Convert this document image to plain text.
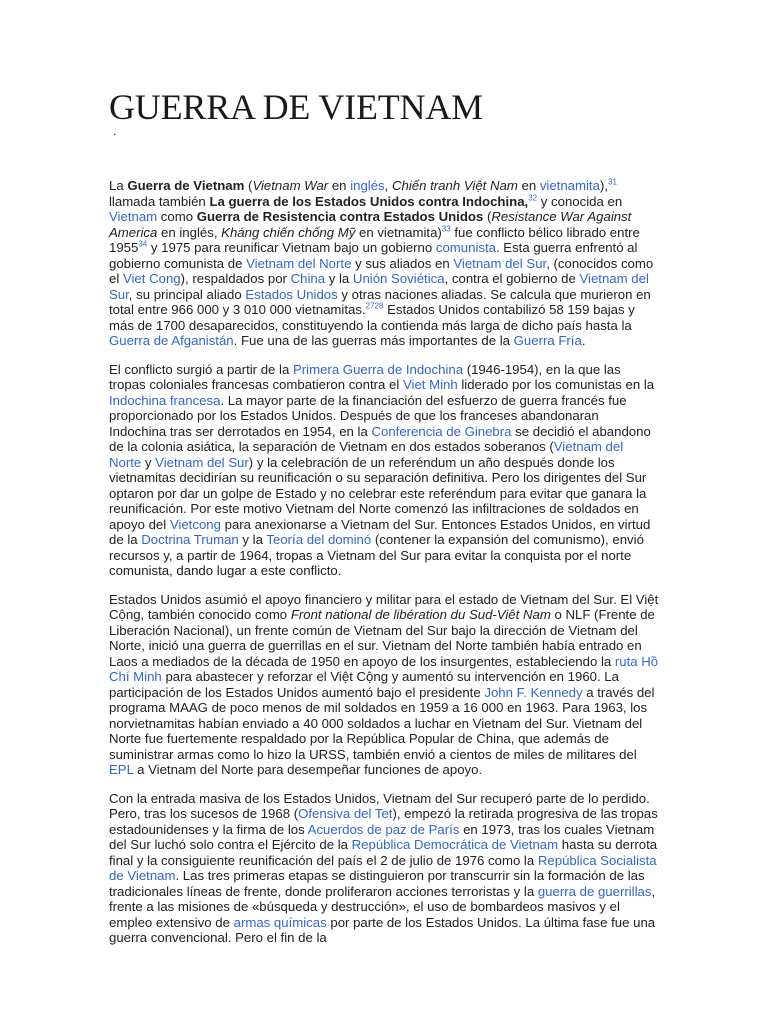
GUERRA DE VIETNAM
.

La Guerra de Vietnam (Vietnam War en inglés, Chiến tranh Việt Nam en vietnamita),$^{31}$ llamada también La guerra de los Estados Unidos contra Indochina,$^{32}$ y conocida en Vietnam como Guerra de Resistencia contra Estados Unidos (Resistance War Against America en inglés, Kháng chiến chống Mỹ en vietnamita)$^{33}$ fue conflicto bélico librado entre 1955$^{34}$ y 1975 para reunificar Vietnam bajo un gobierno comunista. Esta guerra enfrentó al gobierno comunista de Vietnam del Norte y sus aliados en Vietnam del Sur, (conocidos como el Viet Cong), respaldados por China y la Unión Soviética, contra el gobierno de Vietnam del Sur, su principal aliado Estados Unidos y otras naciones aliadas. Se calcula que murieron en total entre 966 000 y 3 010 000 vietnamitas.$^{2728}$ Estados Unidos contabilizó 58 159 bajas y más de 1700 desaparecidos, constituyendo la contienda más larga de dicho país hasta la Guerra de Afganistán. Fue una de las guerras más importantes de la Guerra Fría.

El conflicto surgió a partir de la Primera Guerra de Indochina (1946-1954), en la que las tropas coloniales francesas combatieron contra el Viet Minh liderado por los comunistas en la Indochina francesa. La mayor parte de la financiación del esfuerzo de guerra francés fue proporcionado por los Estados Unidos. Después de que los franceses abandonaran Indochina tras ser derrotados en 1954, en la Conferencia de Ginebra se decidió el abandono de la colonia asiática, la separación de Vietnam en dos estados soberanos (Vietnam del Norte y Vietnam del Sur) y la celebración de un referéndum un año después donde los vietnamitas decidirían su reunificación o su separación definitiva. Pero los dirigentes del Sur optaron por dar un golpe de Estado y no celebrar este referéndum para evitar que ganara la reunificación. Por este motivo Vietnam del Norte comenzó las infiltraciones de soldados en apoyo del Vietcong para anexionarse a Vietnam del Sur. Entonces Estados Unidos, en virtud de la Doctrina Truman y la Teoría del dominó (contener la expansión del comunismo), envió recursos y, a partir de 1964, tropas a Vietnam del Sur para evitar la conquista por el norte comunista, dando lugar a este conflicto.

Estados Unidos asumió el apoyo financiero y militar para el estado de Vietnam del Sur. El Việt Cộng, también conocido como Front national de libération du Sud-Viêt Nam o NLF (Frente de Liberación Nacional), un frente común de Vietnam del Sur bajo la dirección de Vietnam del Norte, inició una guerra de guerrillas en el sur. Vietnam del Norte también había entrado en Laos a mediados de la década de 1950 en apoyo de los insurgentes, estableciendo la ruta Hồ Chí Minh para abastecer y reforzar el Việt Cộng y aumentó su intervención en 1960. La participación de los Estados Unidos aumentó bajo el presidente John F. Kennedy a través del programa MAAG de poco menos de mil soldados en 1959 a 16 000 en 1963. Para 1963, los norvietnamitas habían enviado a 40 000 soldados a luchar en Vietnam del Sur. Vietnam del Norte fue fuertemente respaldado por la República Popular de China, que además de suministrar armas como lo hizo la URSS, también envió a cientos de miles de militares del EPL a Vietnam del Norte para desempeñar funciones de apoyo.

Con la entrada masiva de los Estados Unidos, Vietnam del Sur recuperó parte de lo perdido. Pero, tras los sucesos de 1968 (Ofensiva del Tet), empezó la retirada progresiva de las tropas estadounidenses y la firma de los Acuerdos de paz de París en 1973, tras los cuales Vietnam del Sur luchó solo contra el Ejército de la República Democrática de Vietnam hasta su derrota final y la consiguiente reunificación del país el 2 de julio de 1976 como la República Socialista de Vietnam. Las tres primeras etapas se distinguieron por transcurrir sin la formación de las tradicionales líneas de frente, donde proliferaron acciones terroristas y la guerra de guerrillas, frente a las misiones de «búsqueda y destrucción», el uso de bombardeos masivos y el empleo extensivo de armas químicas por parte de los Estados Unidos. La última fase fue una guerra convencional. Pero el fin de la
